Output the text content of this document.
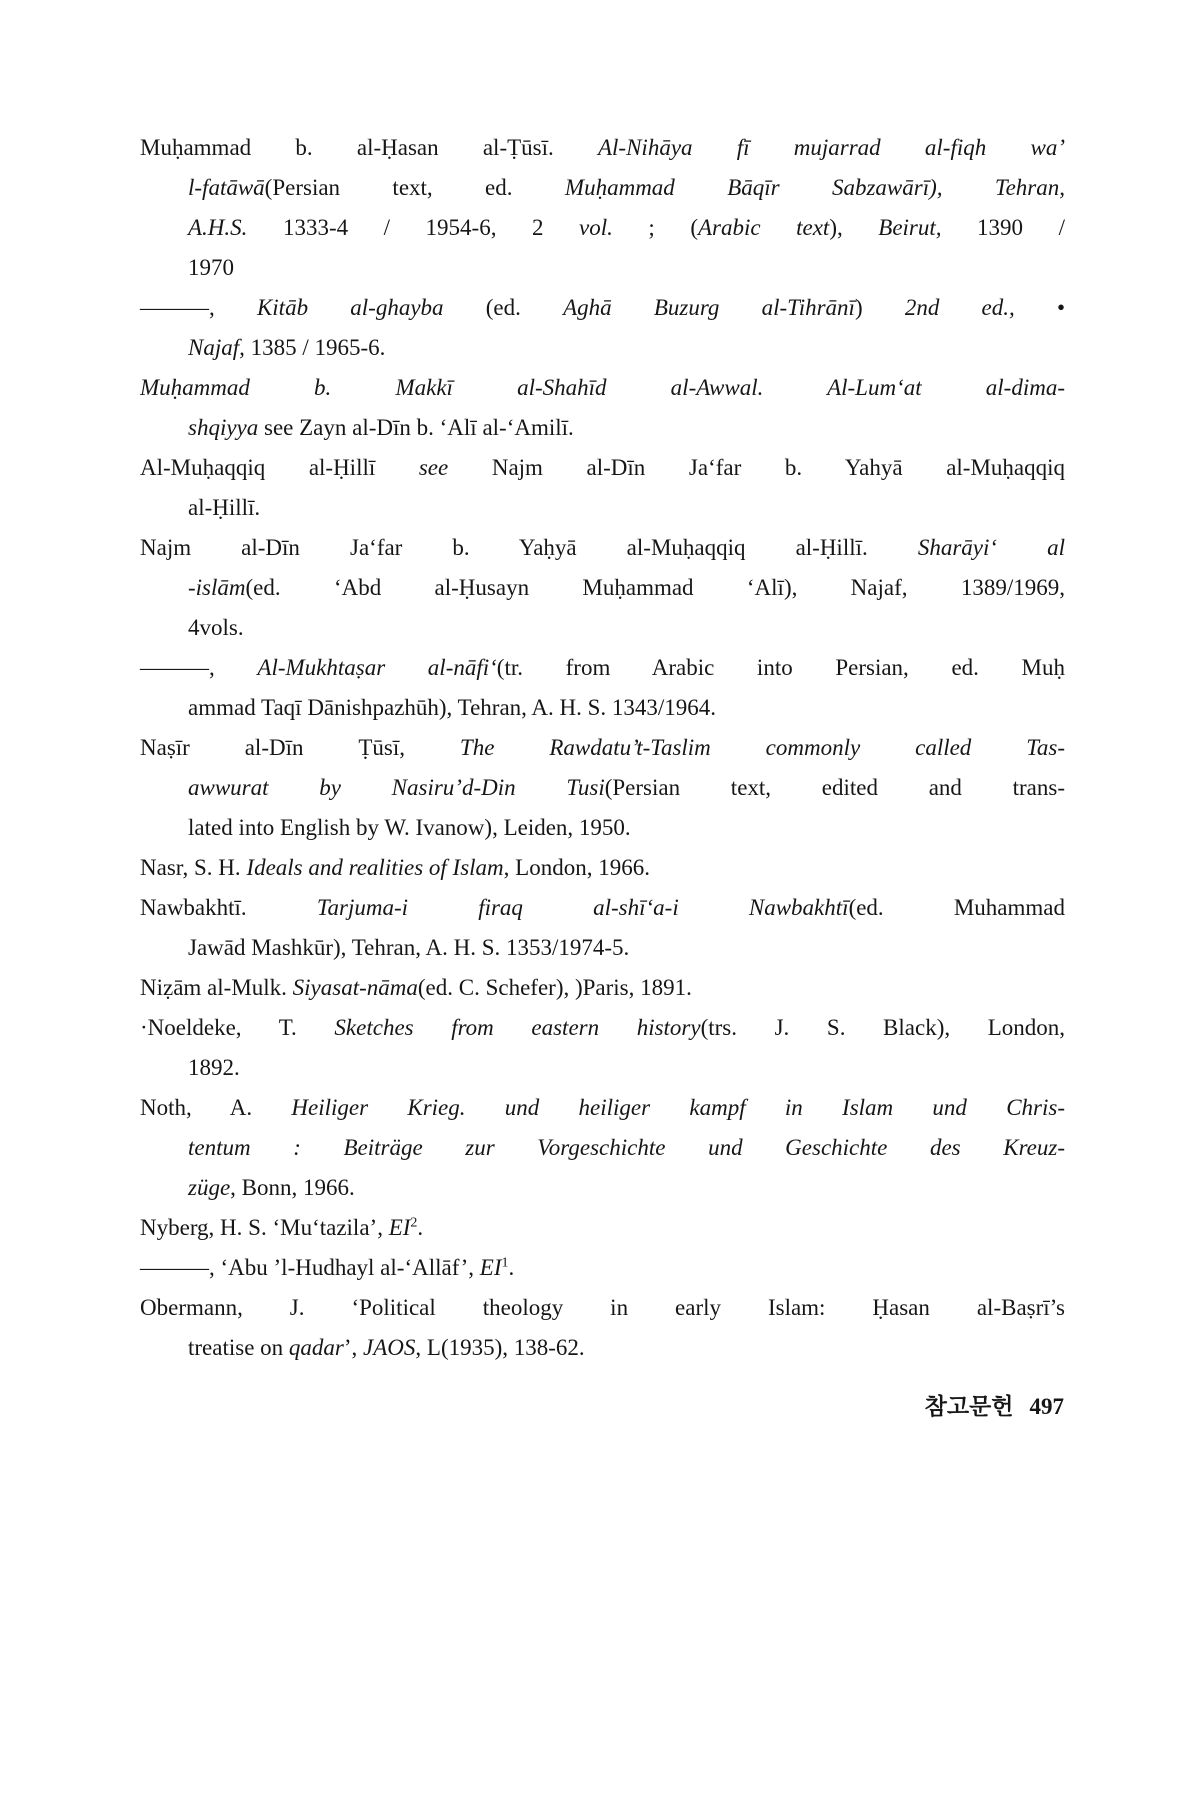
Muḥammad b. al-Ḥasan al-Ṭūsī. Al-Nihāya fī mujarrad al-fiqh wa’
l-fatāwā(Persian text, ed. Muḥammad Bāqīr Sabzawārī), Tehran,
A.H.S. 1333-4 / 1954-6, 2 vol. ; (Arabic text), Beirut, 1390 /
1970
———, Kitāb al-ghayba (ed. Aghā Buzurg al-Tihrānī) 2nd ed., •
Najaf, 1385 / 1965-6.
Muḥammad b. Makkī al-Shahīd al-Awwal. Al-Lum‘at al-dima-
shqiyya see Zayn al-Dīn b. ‘Alī al-‘Amilī.
Al-Muḥaqqiq al-Ḥillī see Najm al-Dīn Ja‘far b. Yahyā al-Muḥaqqiq
al-Ḥillī.
Najm al-Dīn Ja‘far b. Yaḥyā al-Muḥaqqiq al-Ḥillī. Sharāyi‘ al
-islām(ed. ‘Abd al-Ḥusayn Muḥammad ‘Alī), Najaf, 1389/1969,
4vols.
———, Al-Mukhtaṣar al-nāfi‘(tr. from Arabic into Persian, ed. Muḥ
ammad Taqī Dānishpazhūh), Tehran, A. H. S. 1343/1964.
Naṣīr al-Dīn Ṭūsī, The Rawdatu’t-Taslim commonly called Tas-
awwurat by Nasiru’d-Din Tusi(Persian text, edited and trans-
lated into English by W. Ivanow), Leiden, 1950.
Nasr, S. H. Ideals and realities of Islam, London, 1966.
Nawbakhtī. Tarjuma-i firaq al-shī‘a-i Nawbakhtī(ed. Muhammad
Jawād Mashkūr), Tehran, A. H. S. 1353/1974-5.
Niẓām al-Mulk. Siyasat-nāma(ed. C. Schefer), )Paris, 1891.
·Noeldeke, T. Sketches from eastern history(trs. J. S. Black), London,
1892.
Noth, A. Heiliger Krieg. und heiliger kampf in Islam und Chris-
tentum : Beiträge zur Vorgeschichte und Geschichte des Kreuz-
züge, Bonn, 1966.
Nyberg, H. S. ‘Mu‘tazila’, $EI^2$.
———, ‘Abu ’l-Hudhayl al-‘Allāf’, $EI^1$.
Obermann, J. ‘Political theology in early Islam: Ḥasan al-Baṣrī’s
treatise on qadar’, JAOS, L(1935), 138-62.
참고문헌 497
